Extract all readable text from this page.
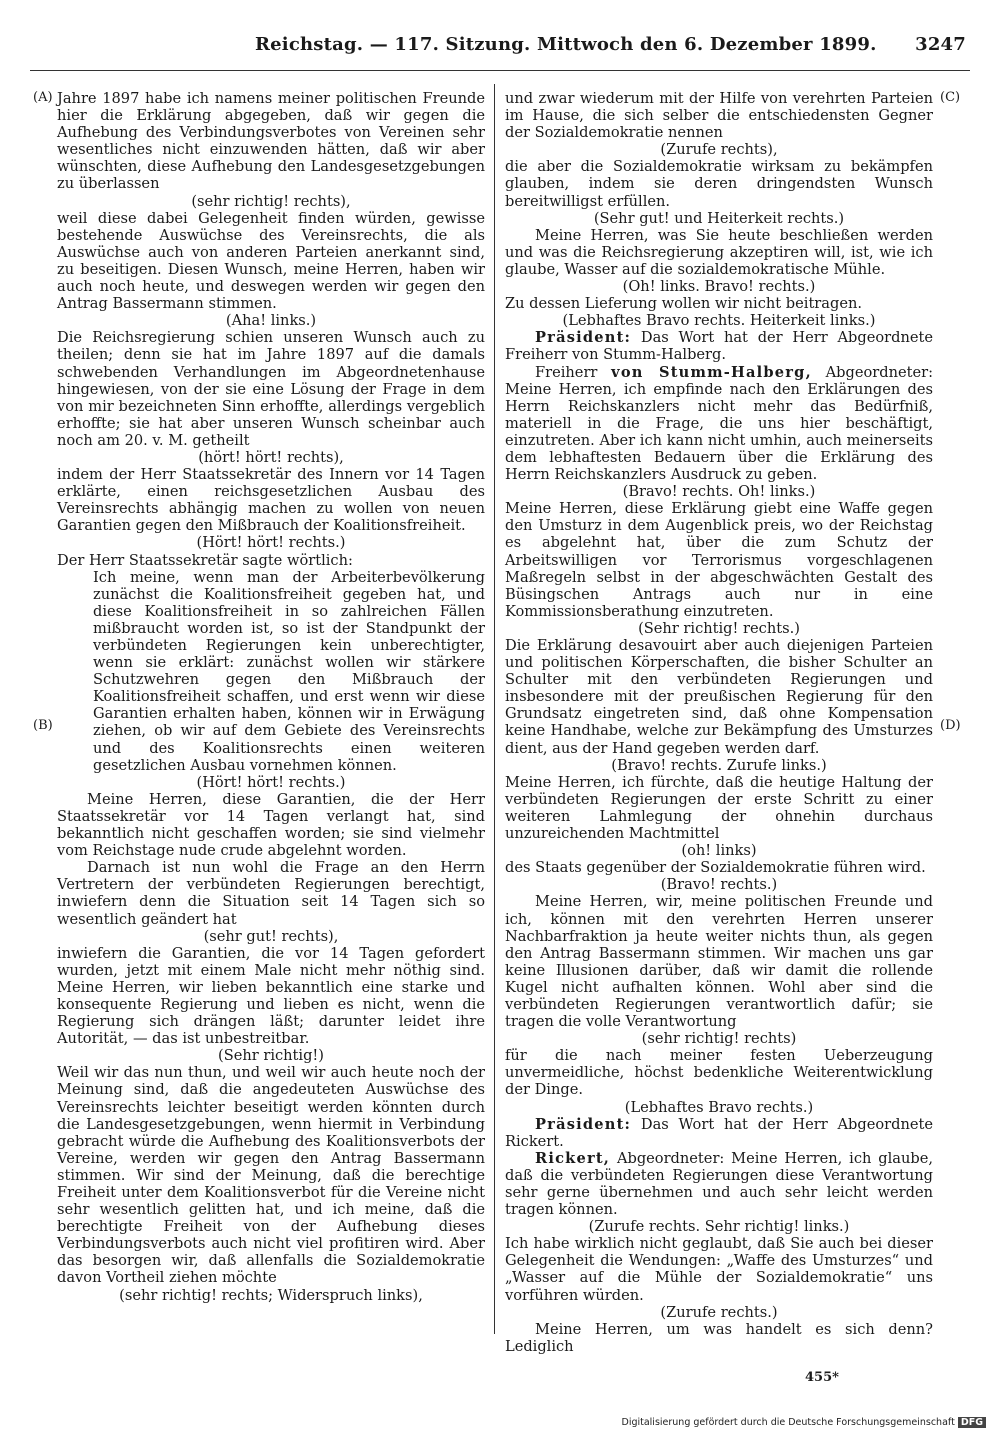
Reichstag. — 117. Sitzung. Mittwoch den 6. Dezember 1899. 3247
(A)
(B)
(C)
(D)
Jahre 1897 habe ich namens meiner politischen Freunde hier die Erklärung abgegeben, daß wir gegen die Aufhebung des Verbindungsverbotes von Vereinen sehr wesentliches nicht einzuwenden hätten, daß wir aber wünschten, diese Aufhebung den Landesgesetzgebungen zu überlassen
(sehr richtig! rechts),
weil diese dabei Gelegenheit finden würden, gewisse bestehende Auswüchse des Vereinsrechts, die als Auswüchse auch von anderen Parteien anerkannt sind, zu beseitigen. Diesen Wunsch, meine Herren, haben wir auch noch heute, und deswegen werden wir gegen den Antrag Bassermann stimmen.
(Aha! links.)
Die Reichsregierung schien unseren Wunsch auch zu theilen; denn sie hat im Jahre 1897 auf die damals schwebenden Verhandlungen im Abgeordnetenhause hingewiesen, von der sie eine Lösung der Frage in dem von mir bezeichneten Sinn erhoffte, allerdings vergeblich erhoffte; sie hat aber unseren Wunsch scheinbar auch noch am 20. v. M. getheilt
(hört! hört! rechts),
indem der Herr Staatssekretär des Innern vor 14 Tagen erklärte, einen reichsgesetzlichen Ausbau des Vereinsrechts abhängig machen zu wollen von neuen Garantien gegen den Mißbrauch der Koalitionsfreiheit.
(Hört! hört! rechts.)
Der Herr Staatssekretär sagte wörtlich:
Ich meine, wenn man der Arbeiterbevölkerung zunächst die Koalitionsfreiheit gegeben hat, und diese Koalitionsfreiheit in so zahlreichen Fällen mißbraucht worden ist, so ist der Standpunkt der verbündeten Regierungen kein unberechtigter, wenn sie erklärt: zunächst wollen wir stärkere Schutzwehren gegen den Mißbrauch der Koalitionsfreiheit schaffen, und erst wenn wir diese Garantien erhalten haben, können wir in Erwägung ziehen, ob wir auf dem Gebiete des Vereinsrechts und des Koalitionsrechts einen weiteren gesetzlichen Ausbau vornehmen können.
(Hört! hört! rechts.)
Meine Herren, diese Garantien, die der Herr Staatssekretär vor 14 Tagen verlangt hat, sind bekanntlich nicht geschaffen worden; sie sind vielmehr vom Reichstage nude crude abgelehnt worden.
Darnach ist nun wohl die Frage an den Herrn Vertretern der verbündeten Regierungen berechtigt, inwiefern denn die Situation seit 14 Tagen sich so wesentlich geändert hat
(sehr gut! rechts),
inwiefern die Garantien, die vor 14 Tagen gefordert wurden, jetzt mit einem Male nicht mehr nöthig sind. Meine Herren, wir lieben bekanntlich eine starke und konsequente Regierung und lieben es nicht, wenn die Regierung sich drängen läßt; darunter leidet ihre Autorität, — das ist unbestreitbar.
(Sehr richtig!)
Weil wir das nun thun, und weil wir auch heute noch der Meinung sind, daß die angedeuteten Auswüchse des Vereinsrechts leichter beseitigt werden könnten durch die Landesgesetzgebungen, wenn hiermit in Verbindung gebracht würde die Aufhebung des Koalitionsverbots der Vereine, werden wir gegen den Antrag Bassermann stimmen. Wir sind der Meinung, daß die berechtige Freiheit unter dem Koalitionsverbot für die Vereine nicht sehr wesentlich gelitten hat, und ich meine, daß die berechtigte Freiheit von der Aufhebung dieses Verbindungsverbots auch nicht viel profitiren wird. Aber das besorgen wir, daß allenfalls die Sozialdemokratie davon Vortheil ziehen möchte
(sehr richtig! rechts; Widerspruch links),
und zwar wiederum mit der Hilfe von verehrten Parteien im Hause, die sich selber die entschiedensten Gegner der Sozialdemokratie nennen
(Zurufe rechts),
die aber die Sozialdemokratie wirksam zu bekämpfen glauben, indem sie deren dringendsten Wunsch bereitwilligst erfüllen.
(Sehr gut! und Heiterkeit rechts.)
Meine Herren, was Sie heute beschließen werden und was die Reichsregierung akzeptiren will, ist, wie ich glaube, Wasser auf die sozialdemokratische Mühle.
(Oh! links. Bravo! rechts.)
Zu dessen Lieferung wollen wir nicht beitragen.
(Lebhaftes Bravo rechts. Heiterkeit links.)
Präsident: Das Wort hat der Herr Abgeordnete Freiherr von Stumm-Halberg.
Freiherr von Stumm-Halberg, Abgeordneter: Meine Herren, ich empfinde nach den Erklärungen des Herrn Reichskanzlers nicht mehr das Bedürfniß, materiell in die Frage, die uns hier beschäftigt, einzutreten. Aber ich kann nicht umhin, auch meinerseits dem lebhaftesten Bedauern über die Erklärung des Herrn Reichskanzlers Ausdruck zu geben.
(Bravo! rechts. Oh! links.)
Meine Herren, diese Erklärung giebt eine Waffe gegen den Umsturz in dem Augenblick preis, wo der Reichstag es abgelehnt hat, über die zum Schutz der Arbeitswilligen vor Terrorismus vorgeschlagenen Maßregeln selbst in der abgeschwächten Gestalt des Büsingschen Antrags auch nur in eine Kommissionsberathung einzutreten.
(Sehr richtig! rechts.)
Die Erklärung desavouirt aber auch diejenigen Parteien und politischen Körperschaften, die bisher Schulter an Schulter mit den verbündeten Regierungen und insbesondere mit der preußischen Regierung für den Grundsatz eingetreten sind, daß ohne Kompensation keine Handhabe, welche zur Bekämpfung des Umsturzes dient, aus der Hand gegeben werden darf.
(Bravo! rechts. Zurufe links.)
Meine Herren, ich fürchte, daß die heutige Haltung der verbündeten Regierungen der erste Schritt zu einer weiteren Lahmlegung der ohnehin durchaus unzureichenden Machtmittel
(oh! links)
des Staats gegenüber der Sozialdemokratie führen wird.
(Bravo! rechts.)
Meine Herren, wir, meine politischen Freunde und ich, können mit den verehrten Herren unserer Nachbarfraktion ja heute weiter nichts thun, als gegen den Antrag Bassermann stimmen. Wir machen uns gar keine Illusionen darüber, daß wir damit die rollende Kugel nicht aufhalten können. Wohl aber sind die verbündeten Regierungen verantwortlich dafür; sie tragen die volle Verantwortung
(sehr richtig! rechts)
für die nach meiner festen Ueberzeugung unvermeidliche, höchst bedenkliche Weiterentwicklung der Dinge.
(Lebhaftes Bravo rechts.)
Präsident: Das Wort hat der Herr Abgeordnete Rickert.
Rickert, Abgeordneter: Meine Herren, ich glaube, daß die verbündeten Regierungen diese Verantwortung sehr gerne übernehmen und auch sehr leicht werden tragen können.
(Zurufe rechts. Sehr richtig! links.)
Ich habe wirklich nicht geglaubt, daß Sie auch bei dieser Gelegenheit die Wendungen: „Waffe des Umsturzes“ und „Wasser auf die Mühle der Sozialdemokratie“ uns vorführen würden.
(Zurufe rechts.)
Meine Herren, um was handelt es sich denn? Lediglich
455*
Digitalisierung gefördert durch die Deutsche Forschungsgemeinschaft DFG
